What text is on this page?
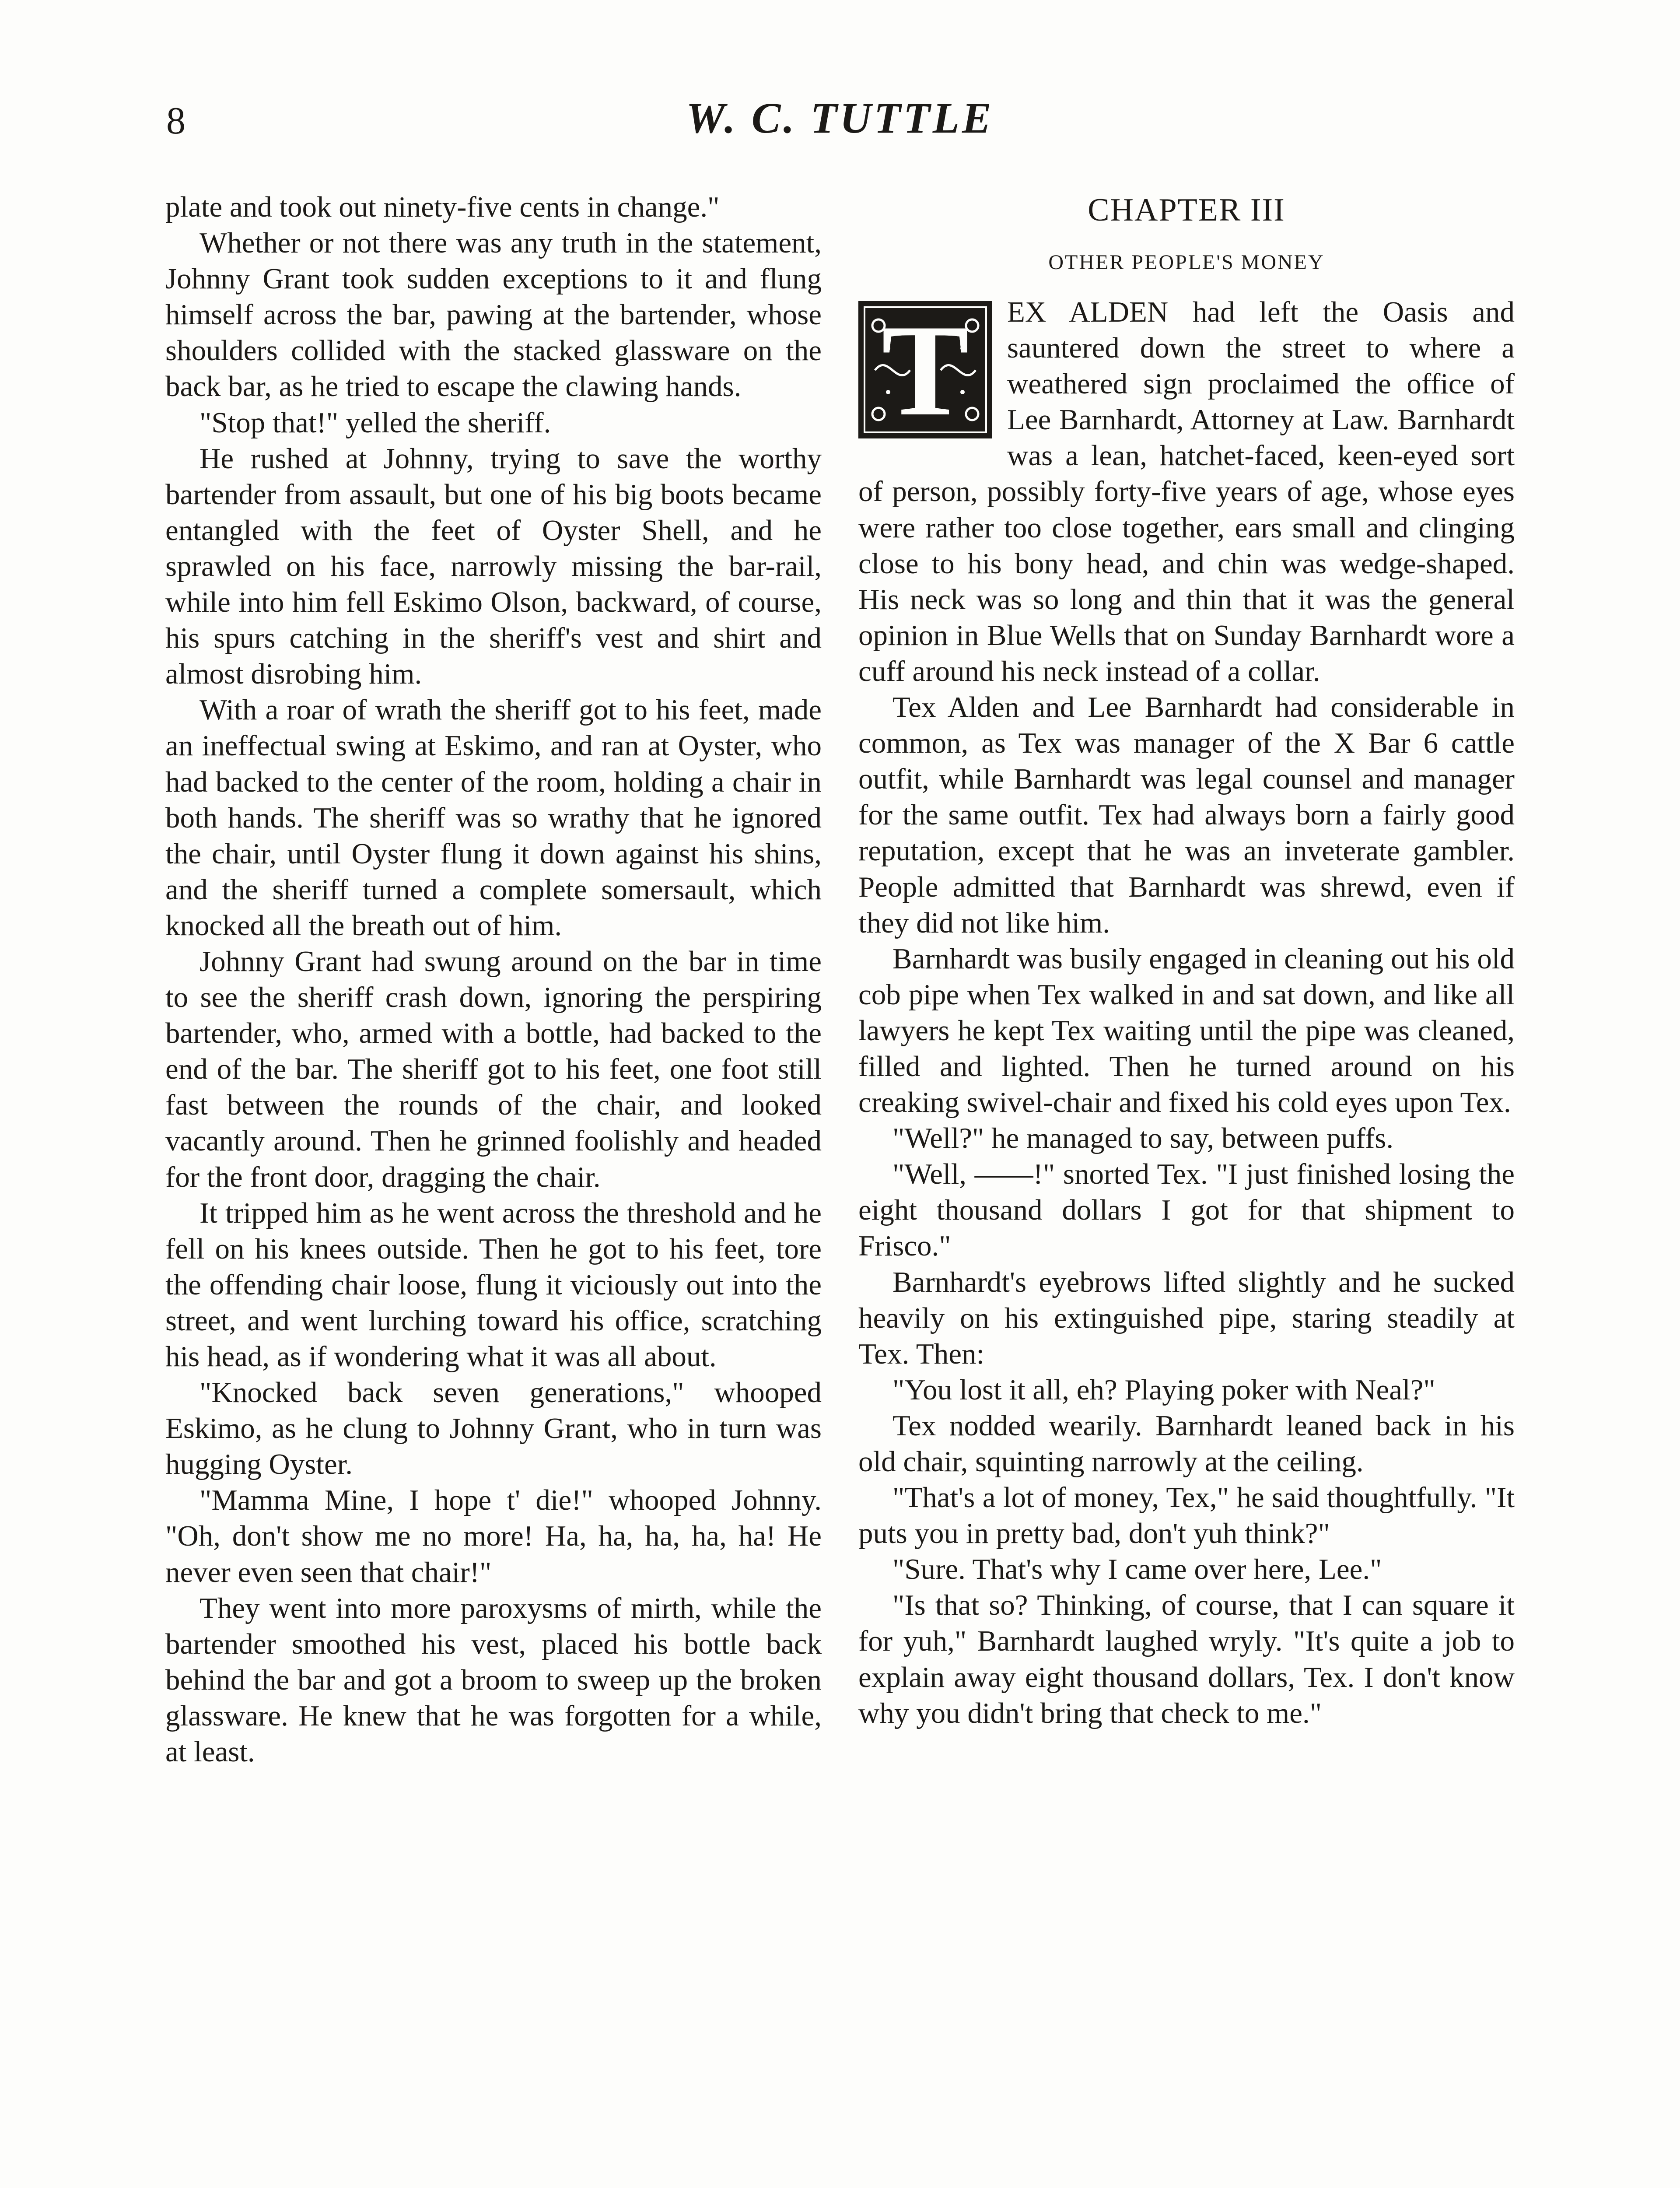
8	W. C. TUTTLE

plate and took out ninety-five cents in change."

Whether or not there was any truth in the statement, Johnny Grant took sudden exceptions to it and flung himself across the bar, pawing at the bartender, whose shoulders collided with the stacked glassware on the back bar, as he tried to escape the clawing hands.

"Stop that!" yelled the sheriff.

He rushed at Johnny, trying to save the worthy bartender from assault, but one of his big boots became entangled with the feet of Oyster Shell, and he sprawled on his face, narrowly missing the bar-rail, while into him fell Eskimo Olson, backward, of course, his spurs catching in the sheriff's vest and shirt and almost disrobing him.

With a roar of wrath the sheriff got to his feet, made an ineffectual swing at Eskimo, and ran at Oyster, who had backed to the center of the room, holding a chair in both hands. The sheriff was so wrathy that he ignored the chair, until Oyster flung it down against his shins, and the sheriff turned a complete somersault, which knocked all the breath out of him.

Johnny Grant had swung around on the bar in time to see the sheriff crash down, ignoring the perspiring bartender, who, armed with a bottle, had backed to the end of the bar. The sheriff got to his feet, one foot still fast between the rounds of the chair, and looked vacantly around. Then he grinned foolishly and headed for the front door, dragging the chair.

It tripped him as he went across the threshold and he fell on his knees outside. Then he got to his feet, tore the offending chair loose, flung it viciously out into the street, and went lurching toward his office, scratching his head, as if wondering what it was all about.

"Knocked back seven generations," whooped Eskimo, as he clung to Johnny Grant, who in turn was hugging Oyster.

"Mamma Mine, I hope t' die!" whooped Johnny. "Oh, don't show me no more! Ha, ha, ha, ha, ha! He never even seen that chair!"

They went into more paroxysms of mirth, while the bartender smoothed his vest, placed his bottle back behind the bar and got a broom to sweep up the broken glassware. He knew that he was forgotten for a while, at least.

CHAPTER III
OTHER PEOPLE'S MONEY

T	EX ALDEN had left the Oasis and sauntered down the street to where a weathered sign proclaimed the office of Lee Barnhardt, Attorney at Law. Barnhardt was a lean, hatchet-faced, keen-eyed sort of person, possibly forty-five years of age, whose eyes were rather too close together, ears small and clinging close to his bony head, and chin was wedge-shaped. His neck was so long and thin that it was the general opinion in Blue Wells that on Sunday Barnhardt wore a cuff around his neck instead of a collar.

Tex Alden and Lee Barnhardt had considerable in common, as Tex was manager of the X Bar 6 cattle outfit, while Barnhardt was legal counsel and manager for the same outfit. Tex had always born a fairly good reputation, except that he was an inveterate gambler. People admitted that Barnhardt was shrewd, even if they did not like him.

Barnhardt was busily engaged in cleaning out his old cob pipe when Tex walked in and sat down, and like all lawyers he kept Tex waiting until the pipe was cleaned, filled and lighted. Then he turned around on his creaking swivel-chair and fixed his cold eyes upon Tex.

"Well?" he managed to say, between puffs.

"Well, ——!" snorted Tex. "I just finished losing the eight thousand dollars I got for that shipment to Frisco."

Barnhardt's eyebrows lifted slightly and he sucked heavily on his extinguished pipe, staring steadily at Tex. Then:

"You lost it all, eh? Playing poker with Neal?"

Tex nodded wearily. Barnhardt leaned back in his old chair, squinting narrowly at the ceiling.

"That's a lot of money, Tex," he said thoughtfully. "It puts you in pretty bad, don't yuh think?"

"Sure. That's why I came over here, Lee."

"Is that so? Thinking, of course, that I can square it for yuh," Barnhardt laughed wryly. "It's quite a job to explain away eight thousand dollars, Tex. I don't know why you didn't bring that check to me."
